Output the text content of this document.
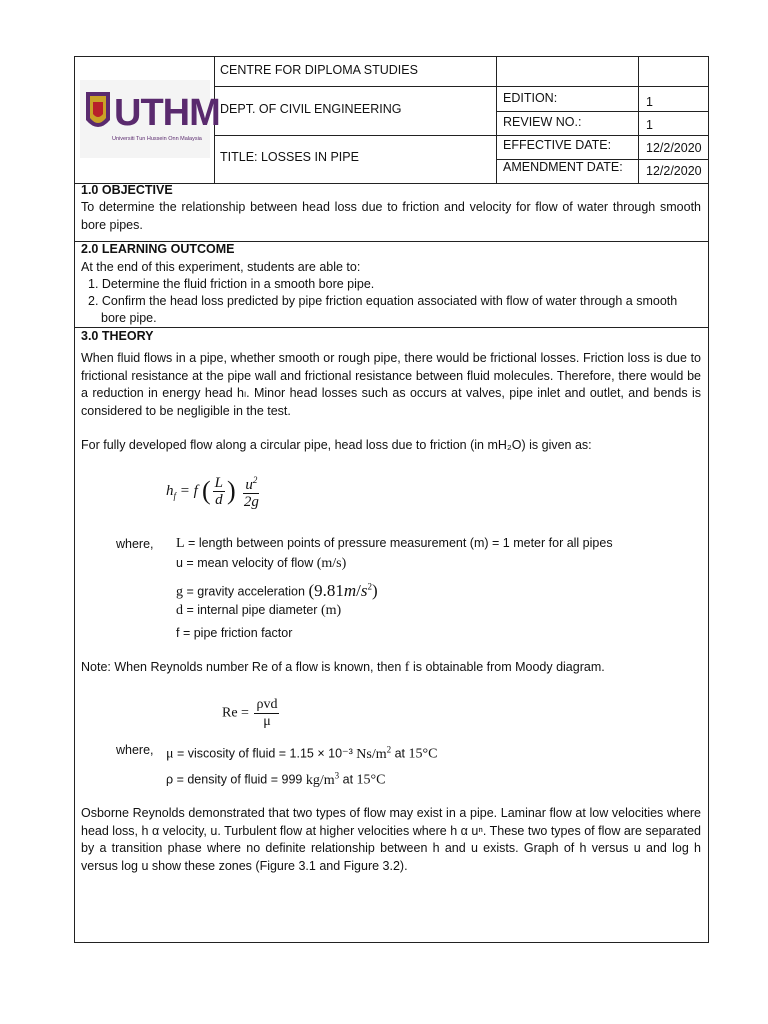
UTHM
Universiti Tun Hussein Onn Malaysia
CENTRE FOR DIPLOMA STUDIES
DEPT. OF CIVIL ENGINEERING
TITLE: LOSSES IN PIPE
EDITION:	1
REVIEW NO.:	1
EFFECTIVE DATE:	12/2/2020
AMENDMENT DATE: 12/2/2020
1.0 OBJECTIVE
To determine the relationship between head loss due to friction and velocity for flow of water through smooth bore pipes.
2.0 LEARNING OUTCOME
At the end of this experiment, students are able to:
1. Determine the fluid friction in a smooth bore pipe.
2. Confirm the head loss predicted by pipe friction equation associated with flow of water through a smooth
bore pipe.
3.0 THEORY
When fluid flows in a pipe, whether smooth or rough pipe, there would be frictional losses. Friction loss is due to frictional resistance at the pipe wall and frictional resistance between fluid molecules. Therefore, there would be a reduction in energy head hₗ. Minor head losses such as occurs at valves, pipe inlet and outlet, and bends is considered to be negligible in the test.
For fully developed flow along a circular pipe, head loss due to friction (in mH₂O) is given as:
$h_f = f$ ( $\frac{L}{d}$ ) $\frac{u^2}{2g}$
where, L = length between points of pressure measurement (m) = 1 meter for all pipes
u = mean velocity of flow (m/s)
g = gravity acceleration $(9.81m/s^2)$
d = internal pipe diameter (m)
f = pipe friction factor
Note: When Reynolds number Re of a flow is known, then f is obtainable from Moody diagram.
$Re = \frac{\text{ρvd}}{\mu}$
where, μ = viscosity of fluid = 1.15 × 10⁻³ $Ns/m^2$ at 15°C
ρ = density of fluid = 999 $kg/m^3$ at 15°C
Osborne Reynolds demonstrated that two types of flow may exist in a pipe. Laminar flow at low velocities where head loss, h α velocity, u. Turbulent flow at higher velocities where h α uⁿ. These two types of flow are separated by a transition phase where no definite relationship between h and u exists. Graph of h versus u and log h versus log u show these zones (Figure 3.1 and Figure 3.2).
